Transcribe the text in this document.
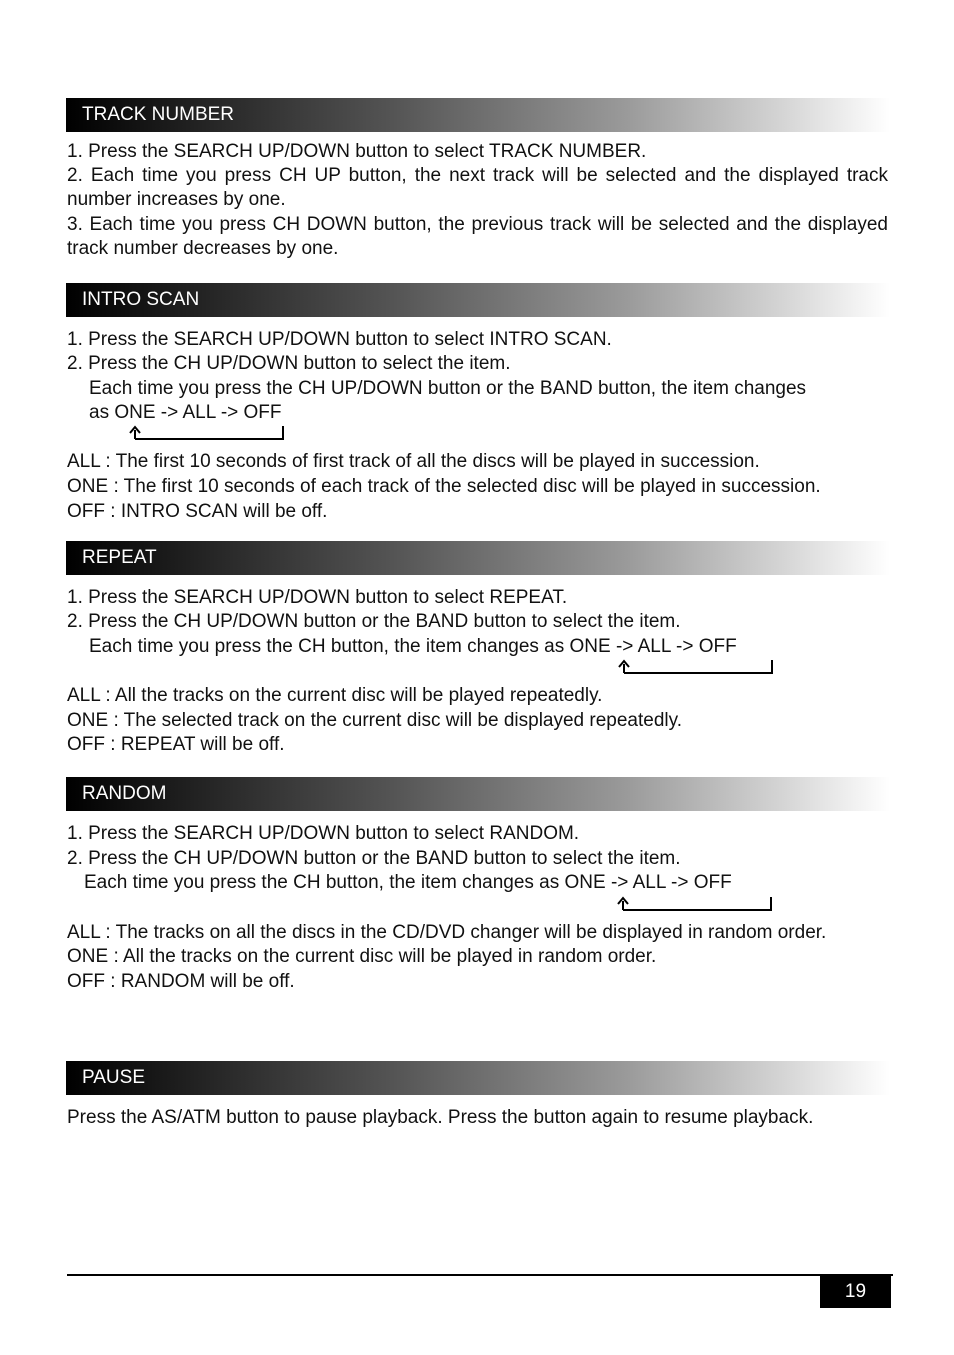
TRACK NUMBER
1. Press the SEARCH UP/DOWN button to select TRACK NUMBER.
2. Each time you press CH UP button, the next track will be selected and the displayed track number increases by one.
3. Each time you press CH DOWN button, the previous track will be selected and the displayed track number decreases by one.
INTRO SCAN
1. Press the SEARCH UP/DOWN button to select INTRO SCAN.
2. Press the CH UP/DOWN button to select the item.
Each time you press the CH UP/DOWN button or the BAND button, the item changes
as ONE -> ALL -> OFF
ALL : The first 10 seconds of first track of all the discs will be played in succession.
ONE : The first 10 seconds of each track of the selected disc will be played in succession.
OFF : INTRO SCAN will be off.
REPEAT
1. Press the SEARCH UP/DOWN button to select REPEAT.
2. Press the CH UP/DOWN button or the BAND button to select the item.
Each time you press the CH button, the item changes as ONE -> ALL -> OFF
ALL : All the tracks on the current disc will be played repeatedly.
ONE : The selected track on the current disc will be displayed repeatedly.
OFF : REPEAT will be off.
RANDOM
1. Press the SEARCH UP/DOWN button to select RANDOM.
2. Press the CH UP/DOWN button or the BAND button to select the item.
Each time you press the CH button, the item changes as ONE -> ALL -> OFF
ALL : The tracks on all the discs in the CD/DVD changer will be displayed in random order.
ONE : All the tracks on the current disc will be played in random order.
OFF : RANDOM will be off.
PAUSE
Press the AS/ATM button to pause playback. Press the button again to resume playback.
19
